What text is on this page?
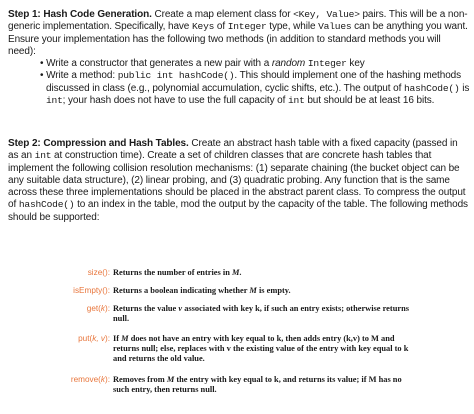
Step 1: Hash Code Generation. Create a map element class for <Key, Value> pairs. This will be a non-generic implementation. Specifically, have Keys of Integer type, while Values can be anything you want. Ensure your implementation has the following two methods (in addition to standard methods you will need):
• Write a constructor that generates a new pair with a random Integer key
• Write a method: public int hashCode(). This should implement one of the hashing methods discussed in class (e.g., polynomial accumulation, cyclic shifts, etc.). The output of hashCode() is int; your hash does not have to use the full capacity of int but should be at least 16 bits.
Step 2: Compression and Hash Tables. Create an abstract hash table with a fixed capacity (passed in as an int at construction time). Create a set of children classes that are concrete hash tables that implement the following collision resolution mechanisms: (1) separate chaining (the bucket object can be any suitable data structure), (2) linear probing, and (3) quadratic probing. Any function that is the same across these three implementations should be placed in the abstract parent class. To compress the output of hashCode() to an index in the table, mod the output by the capacity of the table. The following methods should be supported:
size(): Returns the number of entries in M.
isEmpty(): Returns a boolean indicating whether M is empty.
get(k): Returns the value v associated with key k, if such an entry exists; otherwise returns null.
put(k, v): If M does not have an entry with key equal to k, then adds entry (k,v) to M and returns null; else, replaces with v the existing value of the entry with key equal to k and returns the old value.
remove(k): Removes from M the entry with key equal to k, and returns its value; if M has no such entry, then returns null.
